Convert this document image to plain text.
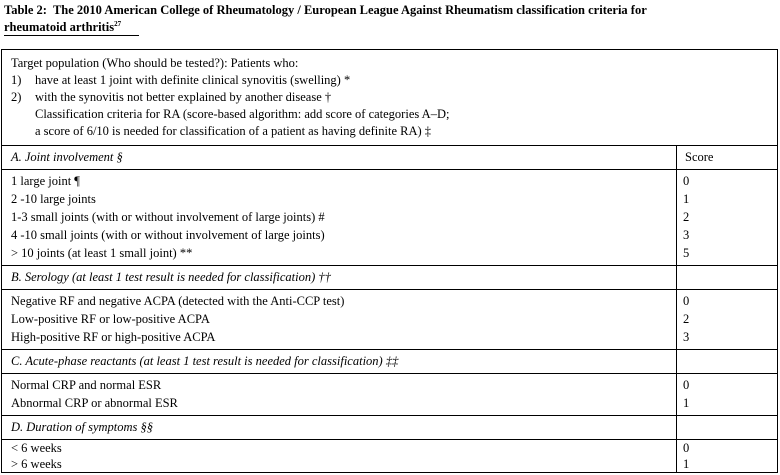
Table 2: The 2010 American College of Rheumatology / European League Against Rheumatism classification criteria for
rheumatoid arthritis$^{27}$
Target population (Who should be tested?): Patients who:
1) have at least 1 joint with definite clinical synovitis (swelling) *
2) with the synovitis not better explained by another disease †
Classification criteria for RA (score-based algorithm: add score of categories A–D;
a score of 6/10 is needed for classification of a patient as having definite RA) ‡
A. Joint involvement §	Score
1 large joint ¶	0
2 -10 large joints	1
1-3 small joints (with or without involvement of large joints) #	2
4 -10 small joints (with or without involvement of large joints)	3
> 10 joints (at least 1 small joint) **	5
B. Serology (at least 1 test result is needed for classification) ††
Negative RF and negative ACPA (detected with the Anti-CCP test)	0
Low-positive RF or low-positive ACPA	2
High-positive RF or high-positive ACPA	3
C. Acute-phase reactants (at least 1 test result is needed for classification) ‡‡
Normal CRP and normal ESR	0
Abnormal CRP or abnormal ESR	1
D. Duration of symptoms §§
< 6 weeks	0
> 6 weeks	1
